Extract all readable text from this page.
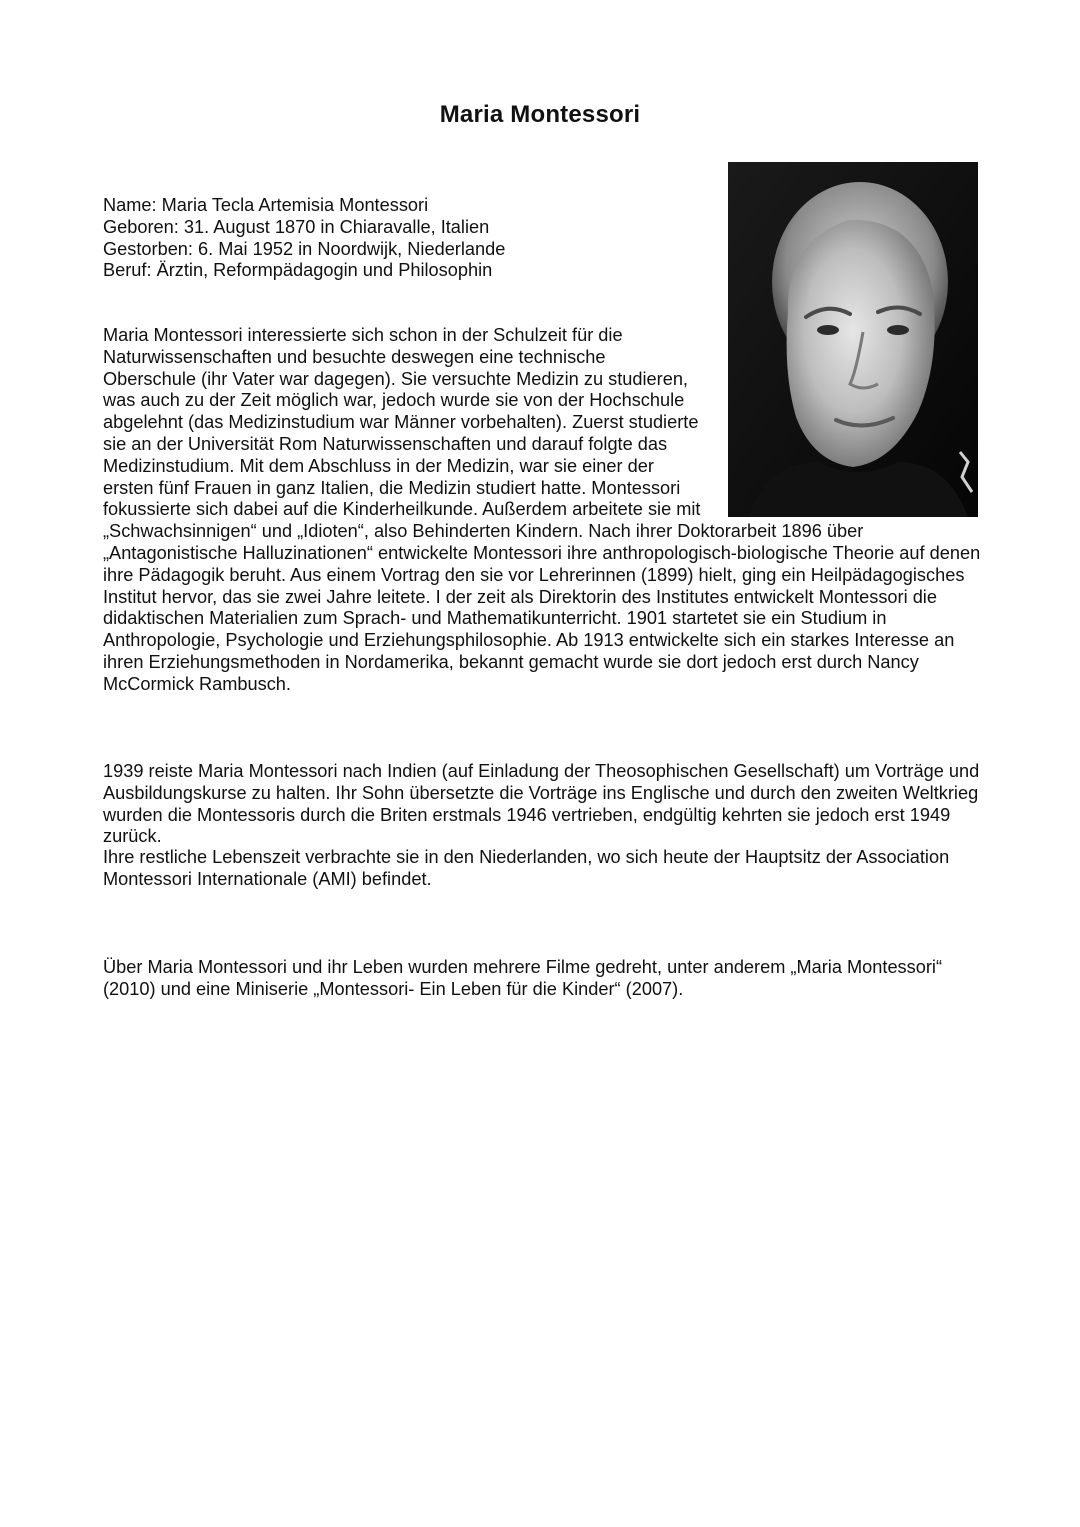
Maria Montessori
Name: Maria Tecla Artemisia Montessori
Geboren: 31. August 1870 in Chiaravalle, Italien
Gestorben: 6. Mai 1952 in Noordwijk, Niederlande
Beruf: Ärztin, Reformpädagogin und Philosophin

Maria Montessori interessierte sich schon in der Schulzeit für die Naturwissenschaften und besuchte deswegen eine technische Oberschule (ihr Vater war dagegen). Sie versuchte Medizin zu studieren, was auch zu der Zeit möglich war, jedoch wurde sie von der Hochschule abgelehnt (das Medizinstudium war Männer vorbehalten). Zuerst studierte sie an der Universität Rom Naturwissenschaften und darauf folgte das Medizinstudium. Mit dem Abschluss in der Medizin, war sie einer der ersten fünf Frauen in ganz Italien, die Medizin studiert hatte. Montessori fokussierte sich dabei auf die Kinderheilkunde. Außerdem arbeitete sie mit „Schwachsinnigen“ und „Idioten“, also Behinderten Kindern. Nach ihrer Doktorarbeit 1896 über „Antagonistische Halluzinationen“ entwickelte Montessori ihre anthropologisch-biologische Theorie auf denen ihre Pädagogik beruht. Aus einem Vortrag den sie vor Lehrerinnen (1899) hielt, ging ein Heilpädagogisches Institut hervor, das sie zwei Jahre leitete. I der zeit als Direktorin des Institutes entwickelt Montessori die didaktischen Materialien zum Sprach- und Mathematikunterricht. 1901 startetet sie ein Studium in Anthropologie, Psychologie und Erziehungsphilosophie. Ab 1913 entwickelte sich ein starkes Interesse an ihren Erziehungsmethoden in Nordamerika, bekannt gemacht wurde sie dort jedoch erst durch Nancy McCormick Rambusch.

1939 reiste Maria Montessori nach Indien (auf Einladung der Theosophischen Gesellschaft) um Vorträge und Ausbildungskurse zu halten. Ihr Sohn übersetzte die Vorträge ins Englische und durch den zweiten Weltkrieg wurden die Montessoris durch die Briten erstmals 1946 vertrieben, endgültig kehrten sie jedoch erst 1949 zurück.

Ihre restliche Lebenszeit verbrachte sie in den Niederlanden, wo sich heute der Hauptsitz der Association Montessori Internationale (AMI) befindet.

Über Maria Montessori und ihr Leben wurden mehrere Filme gedreht, unter anderem „Maria Montessori“ (2010) und eine Miniserie „Montessori- Ein Leben für die Kinder“ (2007).
